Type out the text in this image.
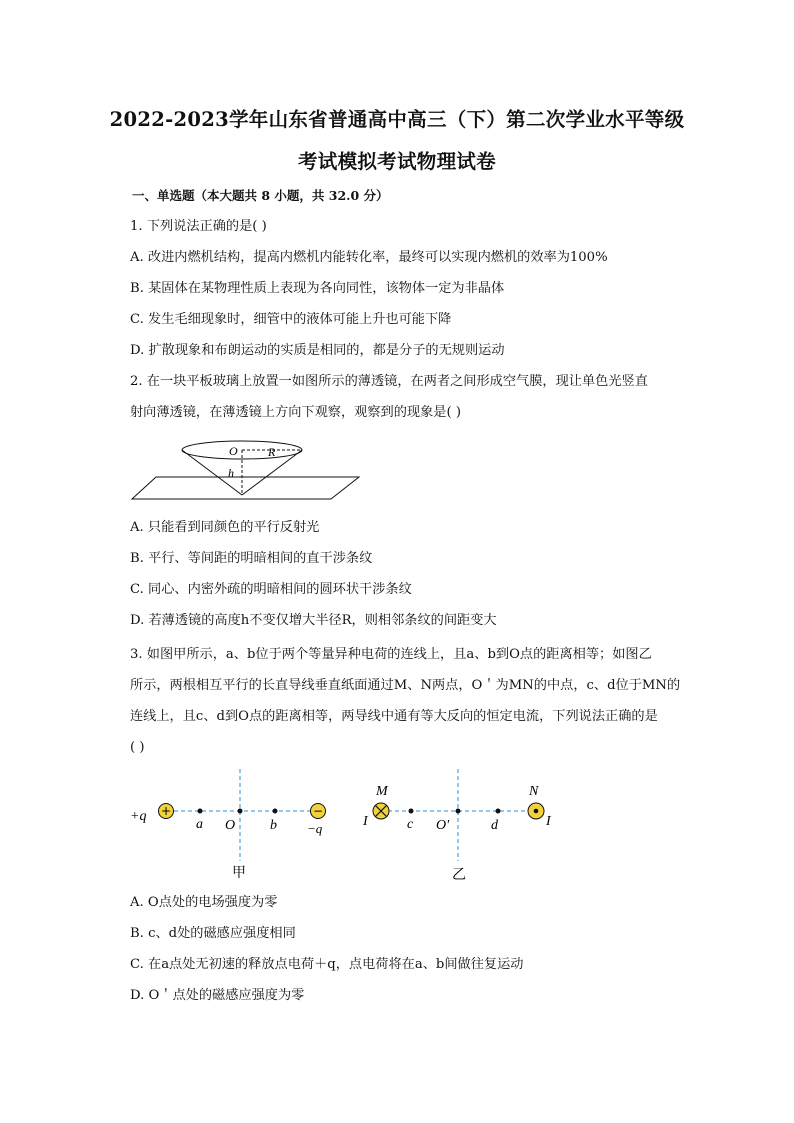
2022-2023学年山东省普通高中高三（下）第二次学业水平等级
考试模拟考试物理试卷
一、单选题（本大题共 8 小题，共 32.0 分）
1. 下列说法正确的是( )
A. 改进内燃机结构，提高内燃机内能转化率，最终可以实现内燃机的效率为100%
B. 某固体在某物理性质上表现为各向同性，该物体一定为非晶体
C. 发生毛细现象时，细管中的液体可能上升也可能下降
D. 扩散现象和布朗运动的实质是相同的，都是分子的无规则运动
2. 在一块平板玻璃上放置一如图所示的薄透镜，在两者之间形成空气膜，现让单色光竖直
射向薄透镜，在薄透镜上方向下观察，观察到的现象是( )
O	R
h
A. 只能看到同颜色的平行反射光
B. 平行、等间距的明暗相间的直干涉条纹
C. 同心、内密外疏的明暗相间的圆环状干涉条纹
D. 若薄透镜的高度h不变仅增大半径R，则相邻条纹的间距变大
3. 如图甲所示，a、b位于两个等量异种电荷的连线上，且a、b到O点的距离相等；如图乙
所示，两根相互平行的长直导线垂直纸面通过M、N两点，O＇为MN的中点，c、d位于MN的
连线上，且c、d到O点的距离相等，两导线中通有等大反向的恒定电流，下列说法正确的是
( )
+	−
+q
−q
a O b
甲
M	N
I	I
c O'	d
乙
A. O点处的电场强度为零
B. c、d处的磁感应强度相同
C. 在a点处无初速的释放点电荷＋q，点电荷将在a、b间做往复运动
D. O＇点处的磁感应强度为零
